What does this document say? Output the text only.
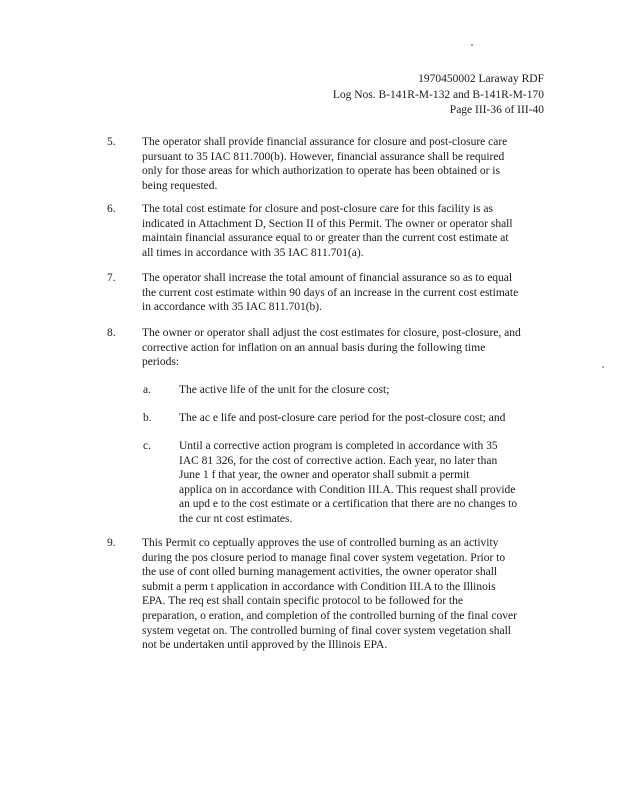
1970450002 Laraway RDF
Log Nos. B-141R-M-132 and B-141R-M-170
Page III-36 of III-40
5. The operator shall provide financial assurance for closure and post-closure care
pursuant to 35 IAC 811.700(b). However, financial assurance shall be required
only for those areas for which authorization to operate has been obtained or is
being requested.
6. The total cost estimate for closure and post-closure care for this facility is as
indicated in Attachment D, Section II of this Permit. The owner or operator shall
maintain financial assurance equal to or greater than the current cost estimate at
all times in accordance with 35 IAC 811.701(a).
7. The operator shall increase the total amount of financial assurance so as to equal
the current cost estimate within 90 days of an increase in the current cost estimate
in accordance with 35 IAC 811.701(b).
8. The owner or operator shall adjust the cost estimates for closure, post-closure, and
corrective action for inflation on an annual basis during the following time
periods:
a. The active life of the unit for the closure cost;
b. The ac e life and post-closure care period for the post-closure cost; and
c. Until a corrective action program is completed in accordance with 35
IAC 81 326, for the cost of corrective action. Each year, no later than
June 1 f that year, the owner and operator shall submit a permit
applica on in accordance with Condition III.A. This request shall provide
an upd e to the cost estimate or a certification that there are no changes to
the cur nt cost estimates.
9. This Permit co ceptually approves the use of controlled burning as an activity
during the pos closure period to manage final cover system vegetation. Prior to
the use of cont olled burning management activities, the owner operator shall
submit a perm t application in accordance with Condition III.A to the Illinois
EPA. The req est shall contain specific protocol to be followed for the
preparation, o eration, and completion of the controlled burning of the final cover
system vegetat on. The controlled burning of final cover system vegetation shall
not be undertaken until approved by the Illinois EPA.
